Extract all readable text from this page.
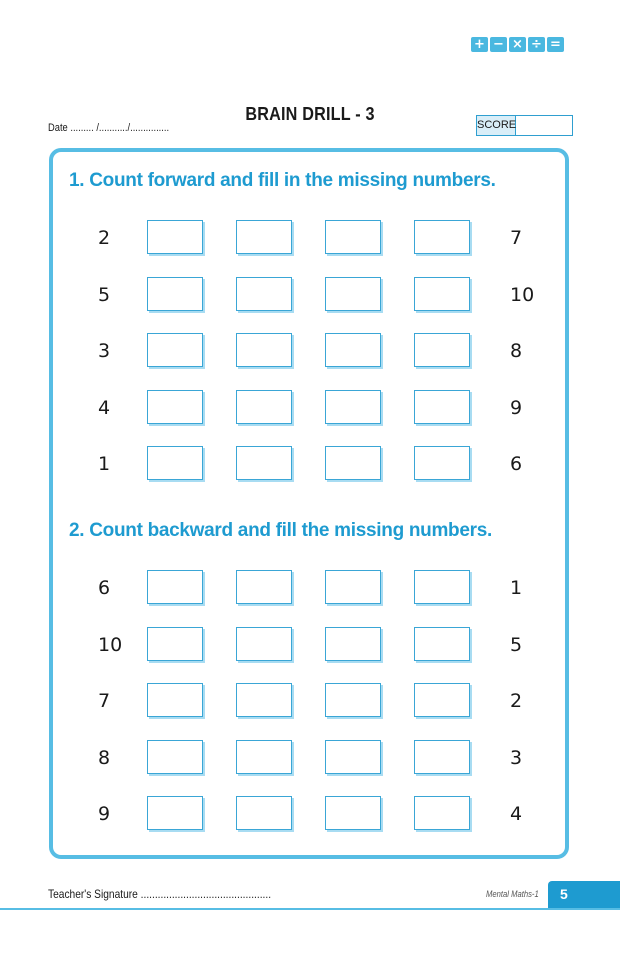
+ − × ÷ =
BRAIN DRILL - 3
Date ......... /.........../...............	SCORE
1. Count forward and fill in the missing numbers.
2	7
5	10
3	8
4	9
1	6
2. Count backward and fill the missing numbers.
6	1
10	5
7	2
8	3
9	4
Teacher's Signature ..............................................	Mental Maths-1	5
